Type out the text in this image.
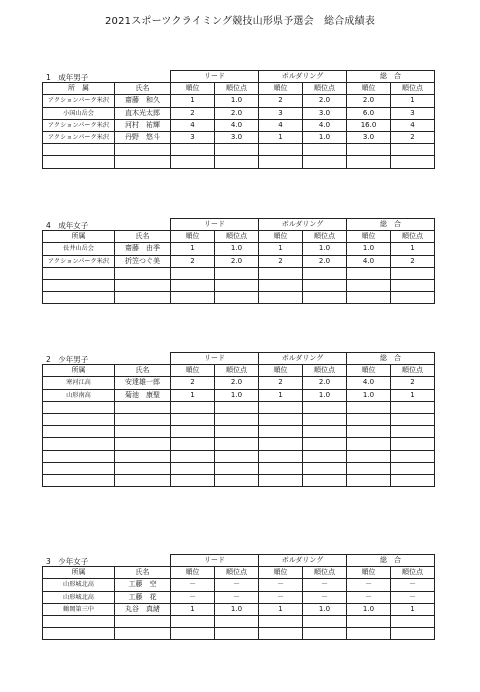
2021スポーツクライミング競技山形県予選会　総合成績表
1　成年男子
		リード		ボルダリング		総　合	
所　属	氏名	順位	順位点	順位	順位点	順位	順位点
アクションパーク米沢	齋藤　和久	1	1.0	2	2.0	2.0	1
小国山岳会	直木光太郎	2	2.0	3	3.0	6.0	3
アクションパーク米沢	河村　祐輝	4	4.0	4	4.0	16.0	4
アクションパーク米沢	丹野　悠斗	3	3.0	1	1.0	3.0	2

4　成年女子
		リード		ボルダリング		総　合	
所属	氏名	順位	順位点	順位	順位点	順位	順位点
長井山岳会	齋藤　由季	1	1.0	1	1.0	1.0	1
アクションパーク米沢	折笠つぐ美	2	2.0	2	2.0	4.0	2

2　少年男子
		リード		ボルダリング		総　合	
所属	氏名	順位	順位点	順位	順位点	順位	順位点
寒河江高	安達雄一郎	2	2.0	2	2.0	4.0	2
山形南高	菊池　康聖	1	1.0	1	1.0	1.0	1

3　少年女子
		リード		ボルダリング		総　合	
所属	氏名	順位	順位点	順位	順位点	順位	順位点
山形城北高	工藤　空	－	－	－	－	－	－
山形城北高	工藤　花	－	－	－	－	－	－
鶴岡第三中	丸谷　真緒	1	1.0	1	1.0	1.0	1
